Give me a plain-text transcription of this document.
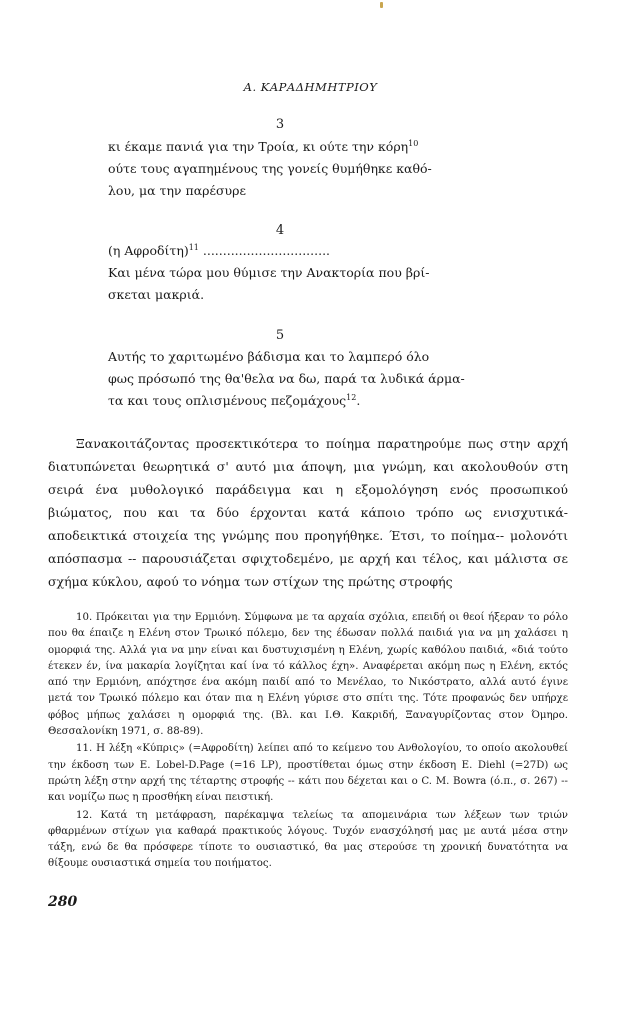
Α. ΚΑΡΑΔΗΜΗΤΡΙΟΥ
3
κι έκαμε πανιά για την Τροία, κι ούτε την κόρη$^{10}$
ούτε τους αγαπημένους της γονείς θυμήθηκε καθό-
λου, μα την παρέσυρε
4
(η Αφροδίτη)$^{11}$ ................................
Και μένα τώρα μου θύμισε την Ανακτορία που βρί-
σκεται μακριά.
5
Αυτής το χαριτωμένο βάδισμα και το λαμπερό όλο
φως πρόσωπό της θα'θελα να δω, παρά τα λυδικά άρμα-
τα και τους οπλισμένους πεζομάχους$^{12}$.

Ξανακοιτάζοντας προσεκτικότερα το ποίημα παρατηρούμε πως στην αρχή διατυπώνεται θεωρητικά σ' αυτό μια άποψη, μια γνώμη, και ακολουθούν στη σειρά ένα μυθολογικό παράδειγμα και η εξομολόγηση ενός προσωπικού βιώματος, που και τα δύο έρχονται κατά κάποιο τρόπο ως ενισχυτικά-αποδεικτικά στοιχεία της γνώμης που προηγήθηκε. Έτσι, το ποίημα-- μολονότι απόσπασμα -- παρουσιάζεται σφιχτοδεμένο, με αρχή και τέλος, και μάλιστα σε σχήμα κύκλου, αφού το νόημα των στίχων της πρώτης στροφής

10. Πρόκειται για την Ερμιόνη. Σύμφωνα με τα αρχαία σχόλια, επειδή οι θεοί ήξεραν το ρόλο που θα έπαιζε η Ελένη στον Τρωικό πόλεμο, δεν της έδωσαν πολλά παιδιά για να μη χαλάσει η ομορφιά της. Αλλά για να μην είναι και δυστυχισμένη η Ελένη, χωρίς καθόλου παιδιά, «διά τούτο έτεκεν έν, ίνα μακαρία λογίζηται καί ίνα τό κάλλος έχη». Αναφέρεται ακόμη πως η Ελένη, εκτός από την Ερμιόνη, απόχτησε ένα ακόμη παιδί από το Μενέλαο, το Νικόστρατο, αλλά αυτό έγινε μετά τον Τρωικό πόλεμο και όταν πια η Ελένη γύρισε στο σπίτι της. Τότε προφανώς δεν υπήρχε φόβος μήπως χαλάσει η ομορφιά της. (Βλ. και Ι.Θ. Κακριδή, Ξαναγυρίζοντας στον Όμηρο. Θεσσαλονίκη 1971, σ. 88-89).

11. Η λέξη «Κύπρις» (=Αφροδίτη) λείπει από το κείμενο του Ανθολογίου, το οποίο ακολουθεί την έκδοση των E. Lobel-D.Page (=16 LP), προστίθεται όμως στην έκδοση E. Diehl (=27D) ως πρώτη λέξη στην αρχή της τέταρτης στροφής -- κάτι που δέχεται και ο C. M. Bowra (ό.π., σ. 267) -- και νομίζω πως η προσθήκη είναι πειστική.

12. Κατά τη μετάφραση, παρέκαμψα τελείως τα απομεινάρια των λέξεων των τριών φθαρμένων στίχων για καθαρά πρακτικούς λόγους. Τυχόν ενασχόλησή μας με αυτά μέσα στην τάξη, ενώ δε θα πρόσφερε τίποτε το ουσιαστικό, θα μας στερούσε τη χρονική δυνατότητα να θίξουμε ουσιαστικά σημεία του ποιήματος.

280
